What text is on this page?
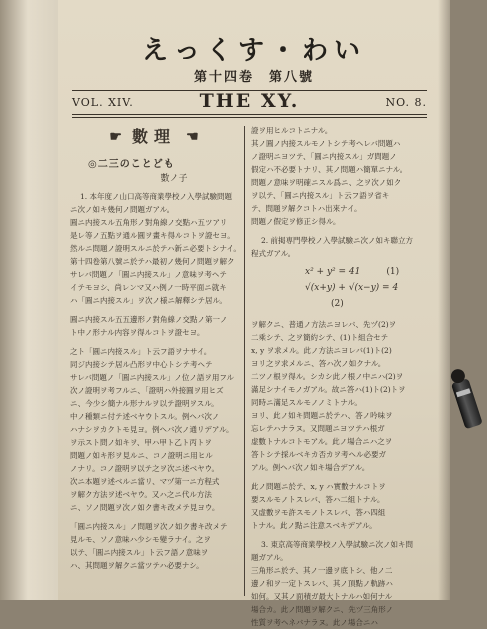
えっくす・わい
第十四卷　第八號
VOL. XIV.	THE XY.	NO. 8.
☛ 數理 ☛
◎二三のことども
數ノ子
1. 本年度ノ山口高等商業學校ノ入學試驗問題
ニ次ノ如キ幾何ノ問題ガアル。
圓ニ内接スル五角形ノ對角線ノ交點ハ五ツアリ
是レ等ノ五點ヲ通ル圓ヲ畫キ得ルコトヲ證セヨ。
然ルニ問題ノ證明スルニ於テハ新ニ必要トシナイ。
第十四卷第八號ニ於テハ最初ノ幾何ノ問題ヲ解ク
サレバ問題ノ「圓ニ内接スル」ノ意味ヲ考ヘテ
イテモヨシ、尚レンマ又ハ例ノ一時平面ニ就キ
ハ「圓ニ内接スル」ヲ次ノ様ニ解釋シテ居ル。
圓ニ内接スル五五邊形ノ對角線ノ交點ノ第一ノ
ト中ノ形ナル内容ヲ得ルコトヲ證セヨ。
之ト「圓ニ内接スル」ト云フ語ヲナサイ。
同ジ内接シテ居ル凸形ヲ中心トシテ考ヘテ
サレバ問題ノ「圓ニ内接スル」ノ位ノ語ヲ用フル
次ノ證明ヲ考フルニ、「證明ハ外接圓ヲ用ヒズ
ニ、今少シ簡ナル形ナルヲ以テ證明ヲスル。
中ノ種類ニ付テ述ベヤウトスル。例ヘバ次ノ
ハナシヲカクトモ見ヨ。例ヘバ次ノ通リデアル。
ヲ示スト問ノ如キヲ、甲ハ甲ト乙ト丙トヲ
問題ノ如キ形ヲ見ルニ、コノ證明ニ用ヒル
ノナリ。コノ證明ヲ以テ之ヲ次ニ述ベヤウ。
次ニ本題ヲ述ベルニ當リ、マヅ第一ニ方程式
ヲ解ク方法ヲ述ベヤウ。又ハ之ニ代ル方法
ニ、ソノ問題ヲ次ノ如ク書キ改メテ見ヨウ。
「圓ニ内接スル」ノ問題ヲ次ノ如ク書キ改メテ
見ルモ、ソノ意味ハ少シモ變ラナイ。之ヲ
以テ、「圓ニ内接スル」ト云フ語ノ意味ヲ
ハ、其問題ヲ解クニ當ツテハ必要ナシ。
證ヲ用ヒルコトニナル。
其ノ圓ノ内接スルモノトシテ考ヘレバ問題ハ
ノ證明ニヨツテ、「圓ニ内接スル」ガ問題ノ
假定ハ不必要トナリ、其ノ問題ハ簡單ニナル。
問題ノ意味ヲ明確ニスル爲ニ、之ヲ次ノ如ク
ヲ以テ、「圓ニ内接スル」ト云フ語ヲ省キ
テ、問題ヲ解クコトハ出來ナイ。
問題ノ假定ヲ修正シ得ル。
2. 前掲専門學校ノ入學試驗ニ次ノ如キ聯立方
程式ガアル。
x² + y² = 41	(1)
√(x+y) + √(x−y) = 4(2)
ヲ解クニ、普通ノ方法ニヨレバ、先ヅ(2)ヲ
二乘シテ、之ヲ簡約シテ、(1)ト組合セテ
x, y ヲ求メル。此ノ方法ニヨレバ(1)ト(2)
ヨリ之ヲ求メルニ、答ハ次ノ如クナル。
二ツノ根ヲ得ル。シカシ此ノ根ノ中ニハ(2)ヲ
滿足シナイモノガアル。故ニ答ハ(1)ト(2)トヲ
同時ニ滿足スルモノノミトナル。
ヨリ、此ノ如キ問題ニ於テハ、答ノ吟味ヲ
忘レテハナラヌ。又問題ニヨツテハ根ガ
虚數トナルコトモアル。此ノ場合ニハ之ヲ
答トシテ採ルベキカ否カヲ考ヘル必要ガ
アル。例ヘバ次ノ如キ場合デアル。
此ノ問題ニ於テ、x, y ハ實數ナルコトヲ
要スルモノトスレバ、答ハ二組トナル。
又虚數ヲモ許スモノトスレバ、答ハ四組
トナル。此ノ點ニ注意スベキデアル。
3. 東京高等商業學校ノ入學試驗ニ次ノ如キ問
題ガアル。
三角形ニ於テ、其ノ一邊ヲ底トシ、他ノ二
邊ノ和ヲ一定トスレバ、其ノ頂點ノ軌跡ハ
如何。又其ノ面積ガ最大トナルハ如何ナル
場合カ。此ノ問題ヲ解クニ、先ヅ三角形ノ
性質ヲ考ヘネバナラヌ。此ノ場合ニハ
